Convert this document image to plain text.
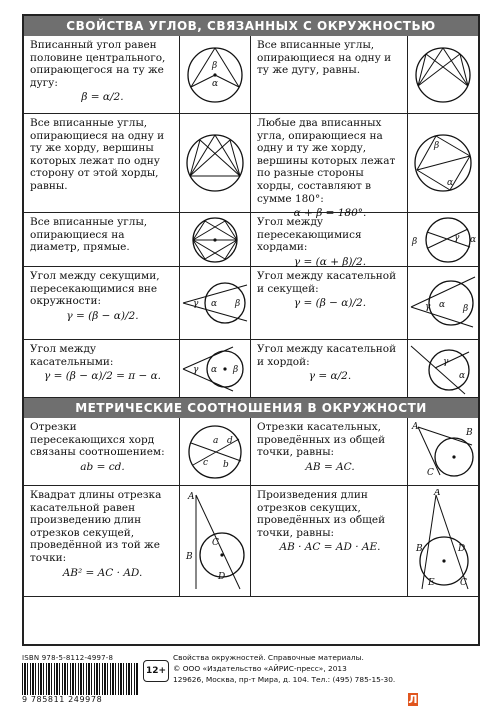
СВОЙСТВА УГЛОВ, СВЯЗАННЫХ С ОКРУЖНОСТЬЮ
Вписанный угол равен половине центрального, опирающегося на ту же дугу:
β = α/2.
β
α
Все вписанные углы, опирающиеся на одну и ту же дугу, равны.
Все вписанные углы, опирающиеся на одну и ту же хорду, вершины которых лежат по одну сторону от этой хорды, равны.
Любые два вписанных угла, опирающиеся на одну и ту же хорду, вершины которых лежат по разные стороны хорды, составляют в сумме 180°:
α + β = 180°.
β
α
Все вписанные углы, опирающиеся на диаметр, прямые.
Угол между пересекающимися хордами:
γ = (α + β)/2.
β	γ α
Угол между секущими, пересекающимися вне окружности:
γ = (β − α)/2.
γ α β
Угол между касательной и секущей:
γ = (β − α)/2.	γ α β
Угол между касательными:
γ = (β − α)/2 = π − α.
γ α β
Угол между касательной и хордой:
γ = α/2.
γ
α
МЕТРИЧЕСКИЕ СООТНОШЕНИЯ В ОКРУЖНОСТИ
Отрезки пересекающихся хорд связаны соотношением:
ab = cd.
a d
c b
Отрезки касательных, проведённых из общей точки, равны:
AB = AC.
A
B
C
Квадрат длины отрезка касательной равен произведению длин отрезков секущей, проведённой из той же точки:
AB² = AC · AD.
A
B
C
D
Произведения длин отрезков секущих, проведённых из общей точки, равны:
AB · AC = AD · AE.
A
B
E
D
C
ISBN 978-5-8112-4997-8
9 785811 249978
12+
Свойства окружностей. Справочные материалы.
© ООО «Издательство «АЙРИС-пресс», 2013
129626, Москва, пр-т Мира, д. 104. Тел.: (495) 785-15-30.
Л
